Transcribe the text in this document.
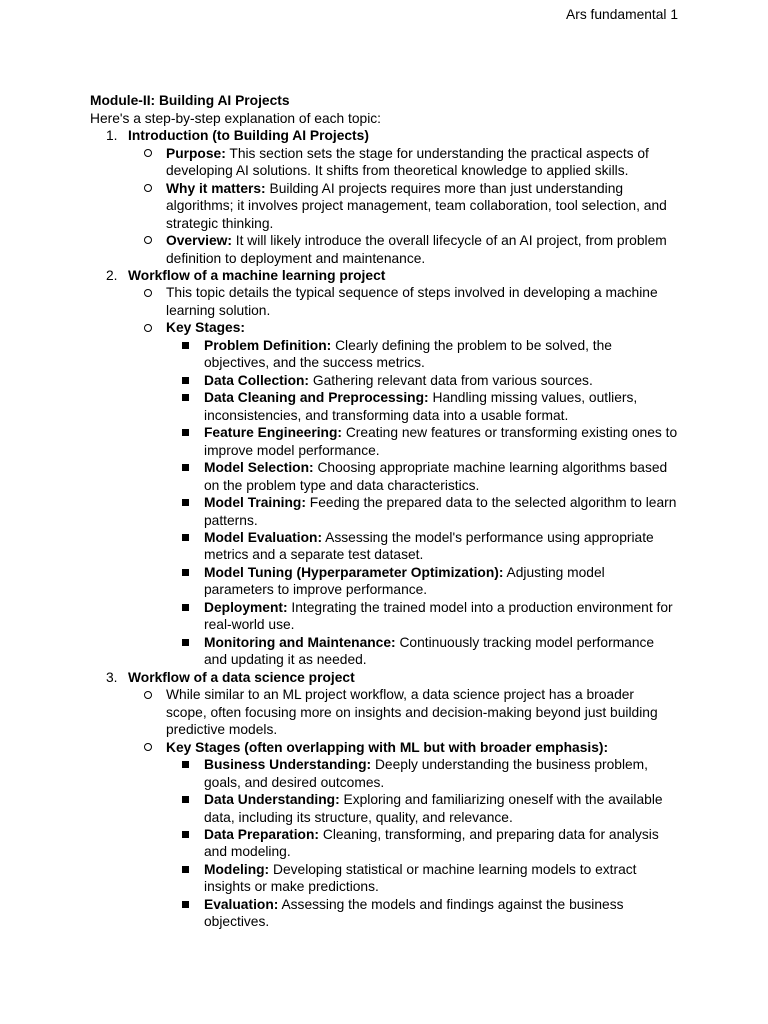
Ars fundamental 1
Module-II: Building AI Projects
Here's a step-by-step explanation of each topic:
1. Introduction (to Building AI Projects)
Purpose: This section sets the stage for understanding the practical aspects of
developing AI solutions. It shifts from theoretical knowledge to applied skills.
Why it matters: Building AI projects requires more than just understanding
algorithms; it involves project management, team collaboration, tool selection, and
strategic thinking.
Overview: It will likely introduce the overall lifecycle of an AI project, from problem
definition to deployment and maintenance.
2. Workflow of a machine learning project
This topic details the typical sequence of steps involved in developing a machine
learning solution.
Key Stages:
Problem Definition: Clearly defining the problem to be solved, the
objectives, and the success metrics.
Data Collection: Gathering relevant data from various sources.
Data Cleaning and Preprocessing: Handling missing values, outliers,
inconsistencies, and transforming data into a usable format.
Feature Engineering: Creating new features or transforming existing ones to
improve model performance.
Model Selection: Choosing appropriate machine learning algorithms based
on the problem type and data characteristics.
Model Training: Feeding the prepared data to the selected algorithm to learn
patterns.
Model Evaluation: Assessing the model's performance using appropriate
metrics and a separate test dataset.
Model Tuning (Hyperparameter Optimization): Adjusting model
parameters to improve performance.
Deployment: Integrating the trained model into a production environment for
real-world use.
Monitoring and Maintenance: Continuously tracking model performance
and updating it as needed.
3. Workflow of a data science project
While similar to an ML project workflow, a data science project has a broader
scope, often focusing more on insights and decision-making beyond just building
predictive models.
Key Stages (often overlapping with ML but with broader emphasis):
Business Understanding: Deeply understanding the business problem,
goals, and desired outcomes.
Data Understanding: Exploring and familiarizing oneself with the available
data, including its structure, quality, and relevance.
Data Preparation: Cleaning, transforming, and preparing data for analysis
and modeling.
Modeling: Developing statistical or machine learning models to extract
insights or make predictions.
Evaluation: Assessing the models and findings against the business
objectives.
